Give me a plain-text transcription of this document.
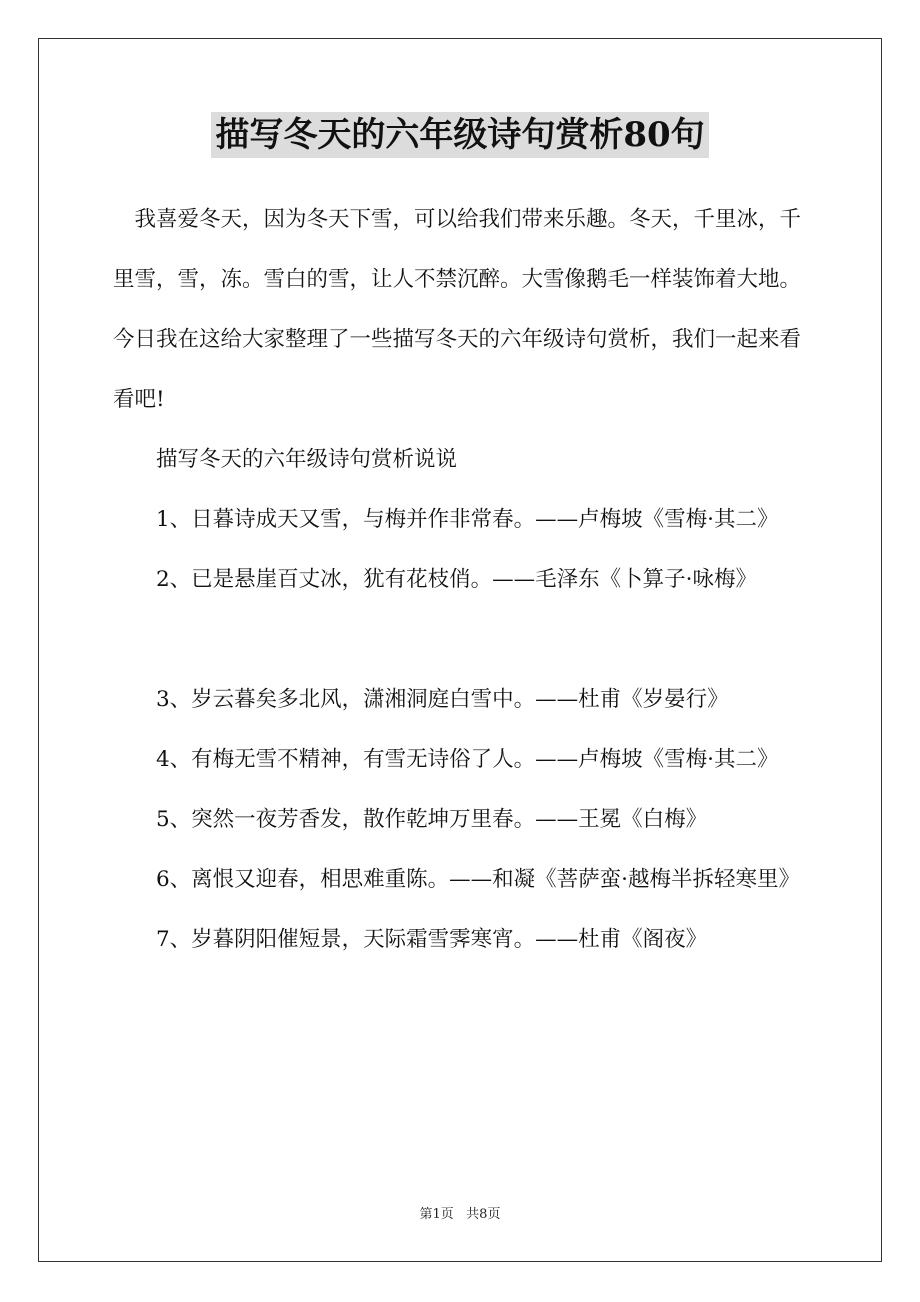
描写冬天的六年级诗句赏析80句

我喜爱冬天，因为冬天下雪，可以给我们带来乐趣。冬天，千里冰，千里雪，雪，冻。雪白的雪，让人不禁沉醉。大雪像鹅毛一样装饰着大地。今日我在这给大家整理了一些描写冬天的六年级诗句赏析，我们一起来看看吧!

描写冬天的六年级诗句赏析说说

1、日暮诗成天又雪，与梅并作非常春。——卢梅坡《雪梅·其二》

2、已是悬崖百丈冰，犹有花枝俏。——毛泽东《卜算子·咏梅》

3、岁云暮矣多北风，潇湘洞庭白雪中。——杜甫《岁晏行》

4、有梅无雪不精神，有雪无诗俗了人。——卢梅坡《雪梅·其二》

5、突然一夜芳香发，散作乾坤万里春。——王冕《白梅》

6、离恨又迎春，相思难重陈。——和凝《菩萨蛮·越梅半拆轻寒里》

7、岁暮阴阳催短景，天际霜雪霁寒宵。——杜甫《阁夜》

第1页   共8页
